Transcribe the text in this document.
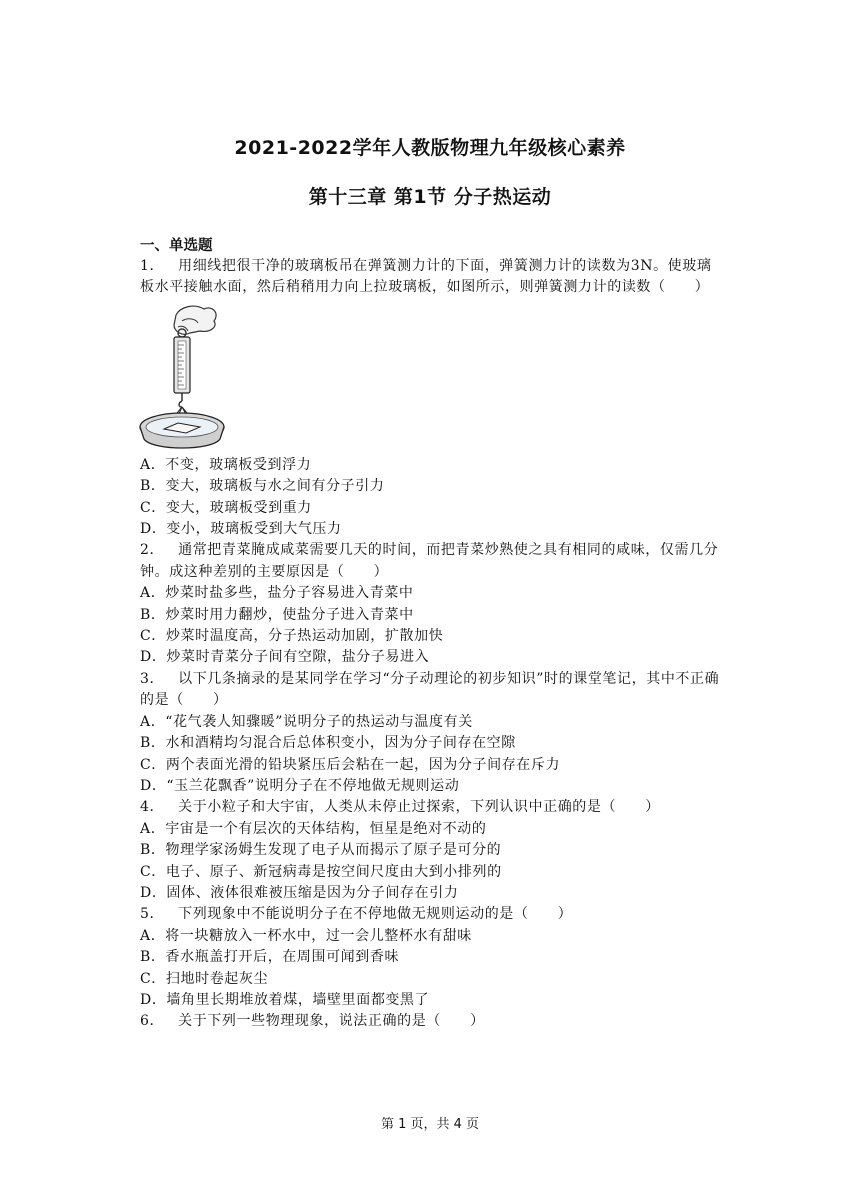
2021-2022学年人教版物理九年级核心素养
第十三章 第1节 分子热运动
一、单选题
1． 用细线把很干净的玻璃板吊在弹簧测力计的下面，弹簧测力计的读数为3N。使玻璃板水平接触水面，然后稍稍用力向上拉玻璃板，如图所示，则弹簧测力计的读数（　　）
A．不变，玻璃板受到浮力
B．变大，玻璃板与水之间有分子引力
C．变大，玻璃板受到重力
D．变小，玻璃板受到大气压力
2． 通常把青菜腌成咸菜需要几天的时间，而把青菜炒熟使之具有相同的咸味，仅需几分钟。成这种差别的主要原因是（　　）
A．炒菜时盐多些，盐分子容易进入青菜中
B．炒菜时用力翻炒，使盐分子进入青菜中
C．炒菜时温度高，分子热运动加剧，扩散加快
D．炒菜时青菜分子间有空隙，盐分子易进入
3． 以下几条摘录的是某同学在学习“分子动理论的初步知识”时的课堂笔记，其中不正确的是（　　）
A．“花气袭人知骤暖”说明分子的热运动与温度有关
B．水和酒精均匀混合后总体积变小，因为分子间存在空隙
C．两个表面光滑的铅块紧压后会粘在一起，因为分子间存在斥力
D．“玉兰花飘香”说明分子在不停地做无规则运动
4． 关于小粒子和大宇宙，人类从未停止过探索，下列认识中正确的是（　　）
A．宇宙是一个有层次的天体结构，恒星是绝对不动的
B．物理学家汤姆生发现了电子从而揭示了原子是可分的
C．电子、原子、新冠病毒是按空间尺度由大到小排列的
D．固体、液体很难被压缩是因为分子间存在引力
5． 下列现象中不能说明分子在不停地做无规则运动的是（　　）
A．将一块糖放入一杯水中，过一会儿整杯水有甜味
B．香水瓶盖打开后，在周围可闻到香味
C．扫地时卷起灰尘
D．墙角里长期堆放着煤，墙壁里面都变黑了
6． 关于下列一些物理现象，说法正确的是（　　）
第 1 页，共 4 页
